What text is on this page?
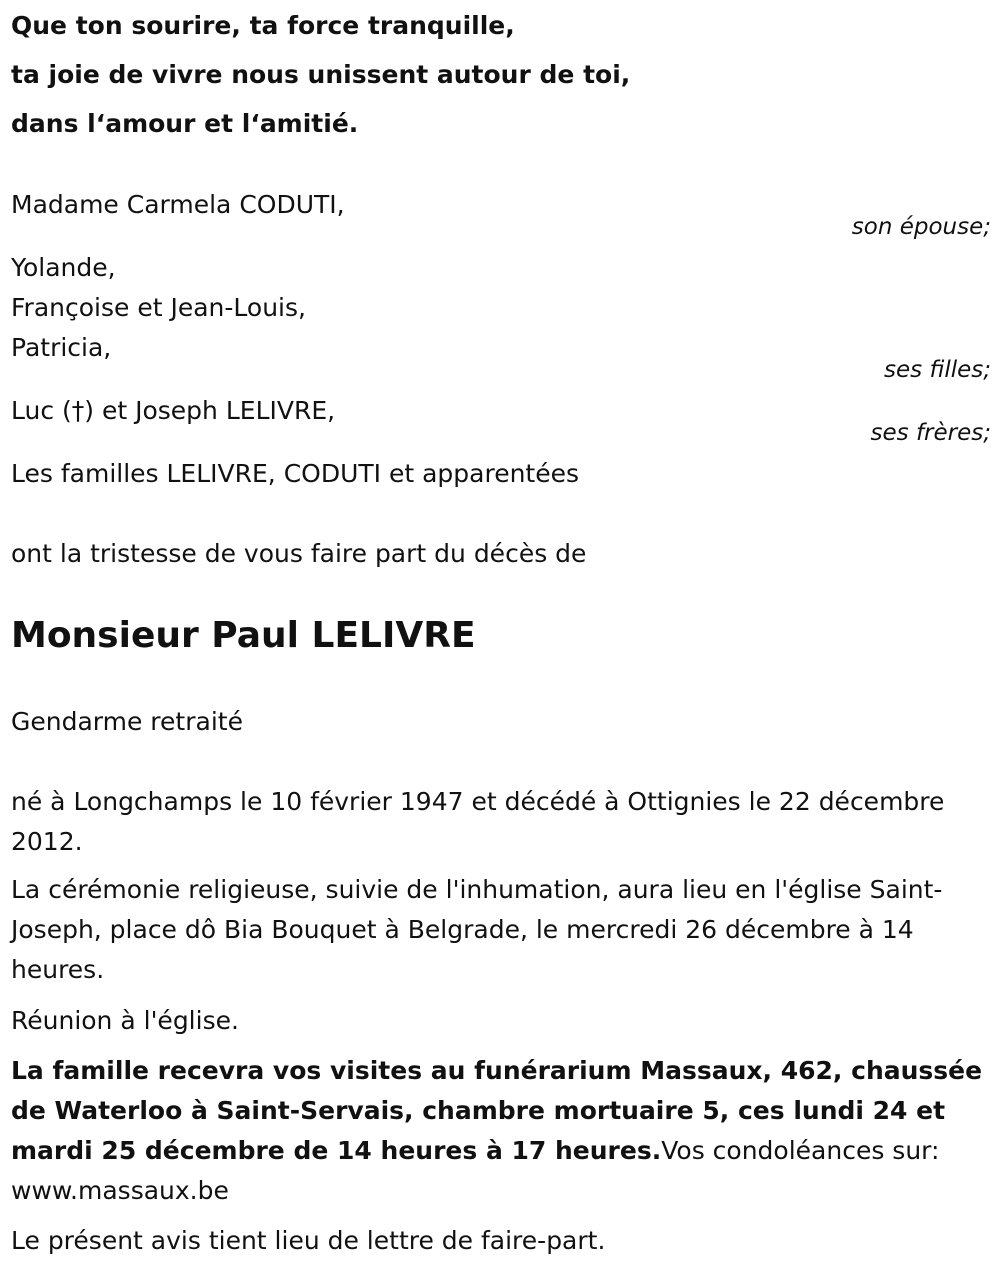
Que ton sourire, ta force tranquille,
ta joie de vivre nous unissent autour de toi,
dans l‘amour et l‘amitié.
Madame Carmela CODUTI,
son épouse;
Yolande,
Françoise et Jean-Louis,
Patricia,
ses filles;
Luc (†) et Joseph LELIVRE,
ses frères;
Les familles LELIVRE, CODUTI et apparentées
ont la tristesse de vous faire part du décès de
Monsieur Paul LELIVRE
Gendarme retraité
né à Longchamps le 10 février 1947 et décédé à Ottignies le 22 décembre 2012.
La cérémonie religieuse, suivie de l'inhumation, aura lieu en l'église Saint-Joseph, place dô Bia Bouquet à Belgrade, le mercredi 26 décembre à 14 heures.
Réunion à l'église.
La famille recevra vos visites au funérarium Massaux, 462, chaussée de Waterloo à Saint-Servais, chambre mortuaire 5, ces lundi 24 et mardi 25 décembre de 14 heures à 17 heures.Vos condoléances sur: www.massaux.be
Le présent avis tient lieu de lettre de faire-part.
